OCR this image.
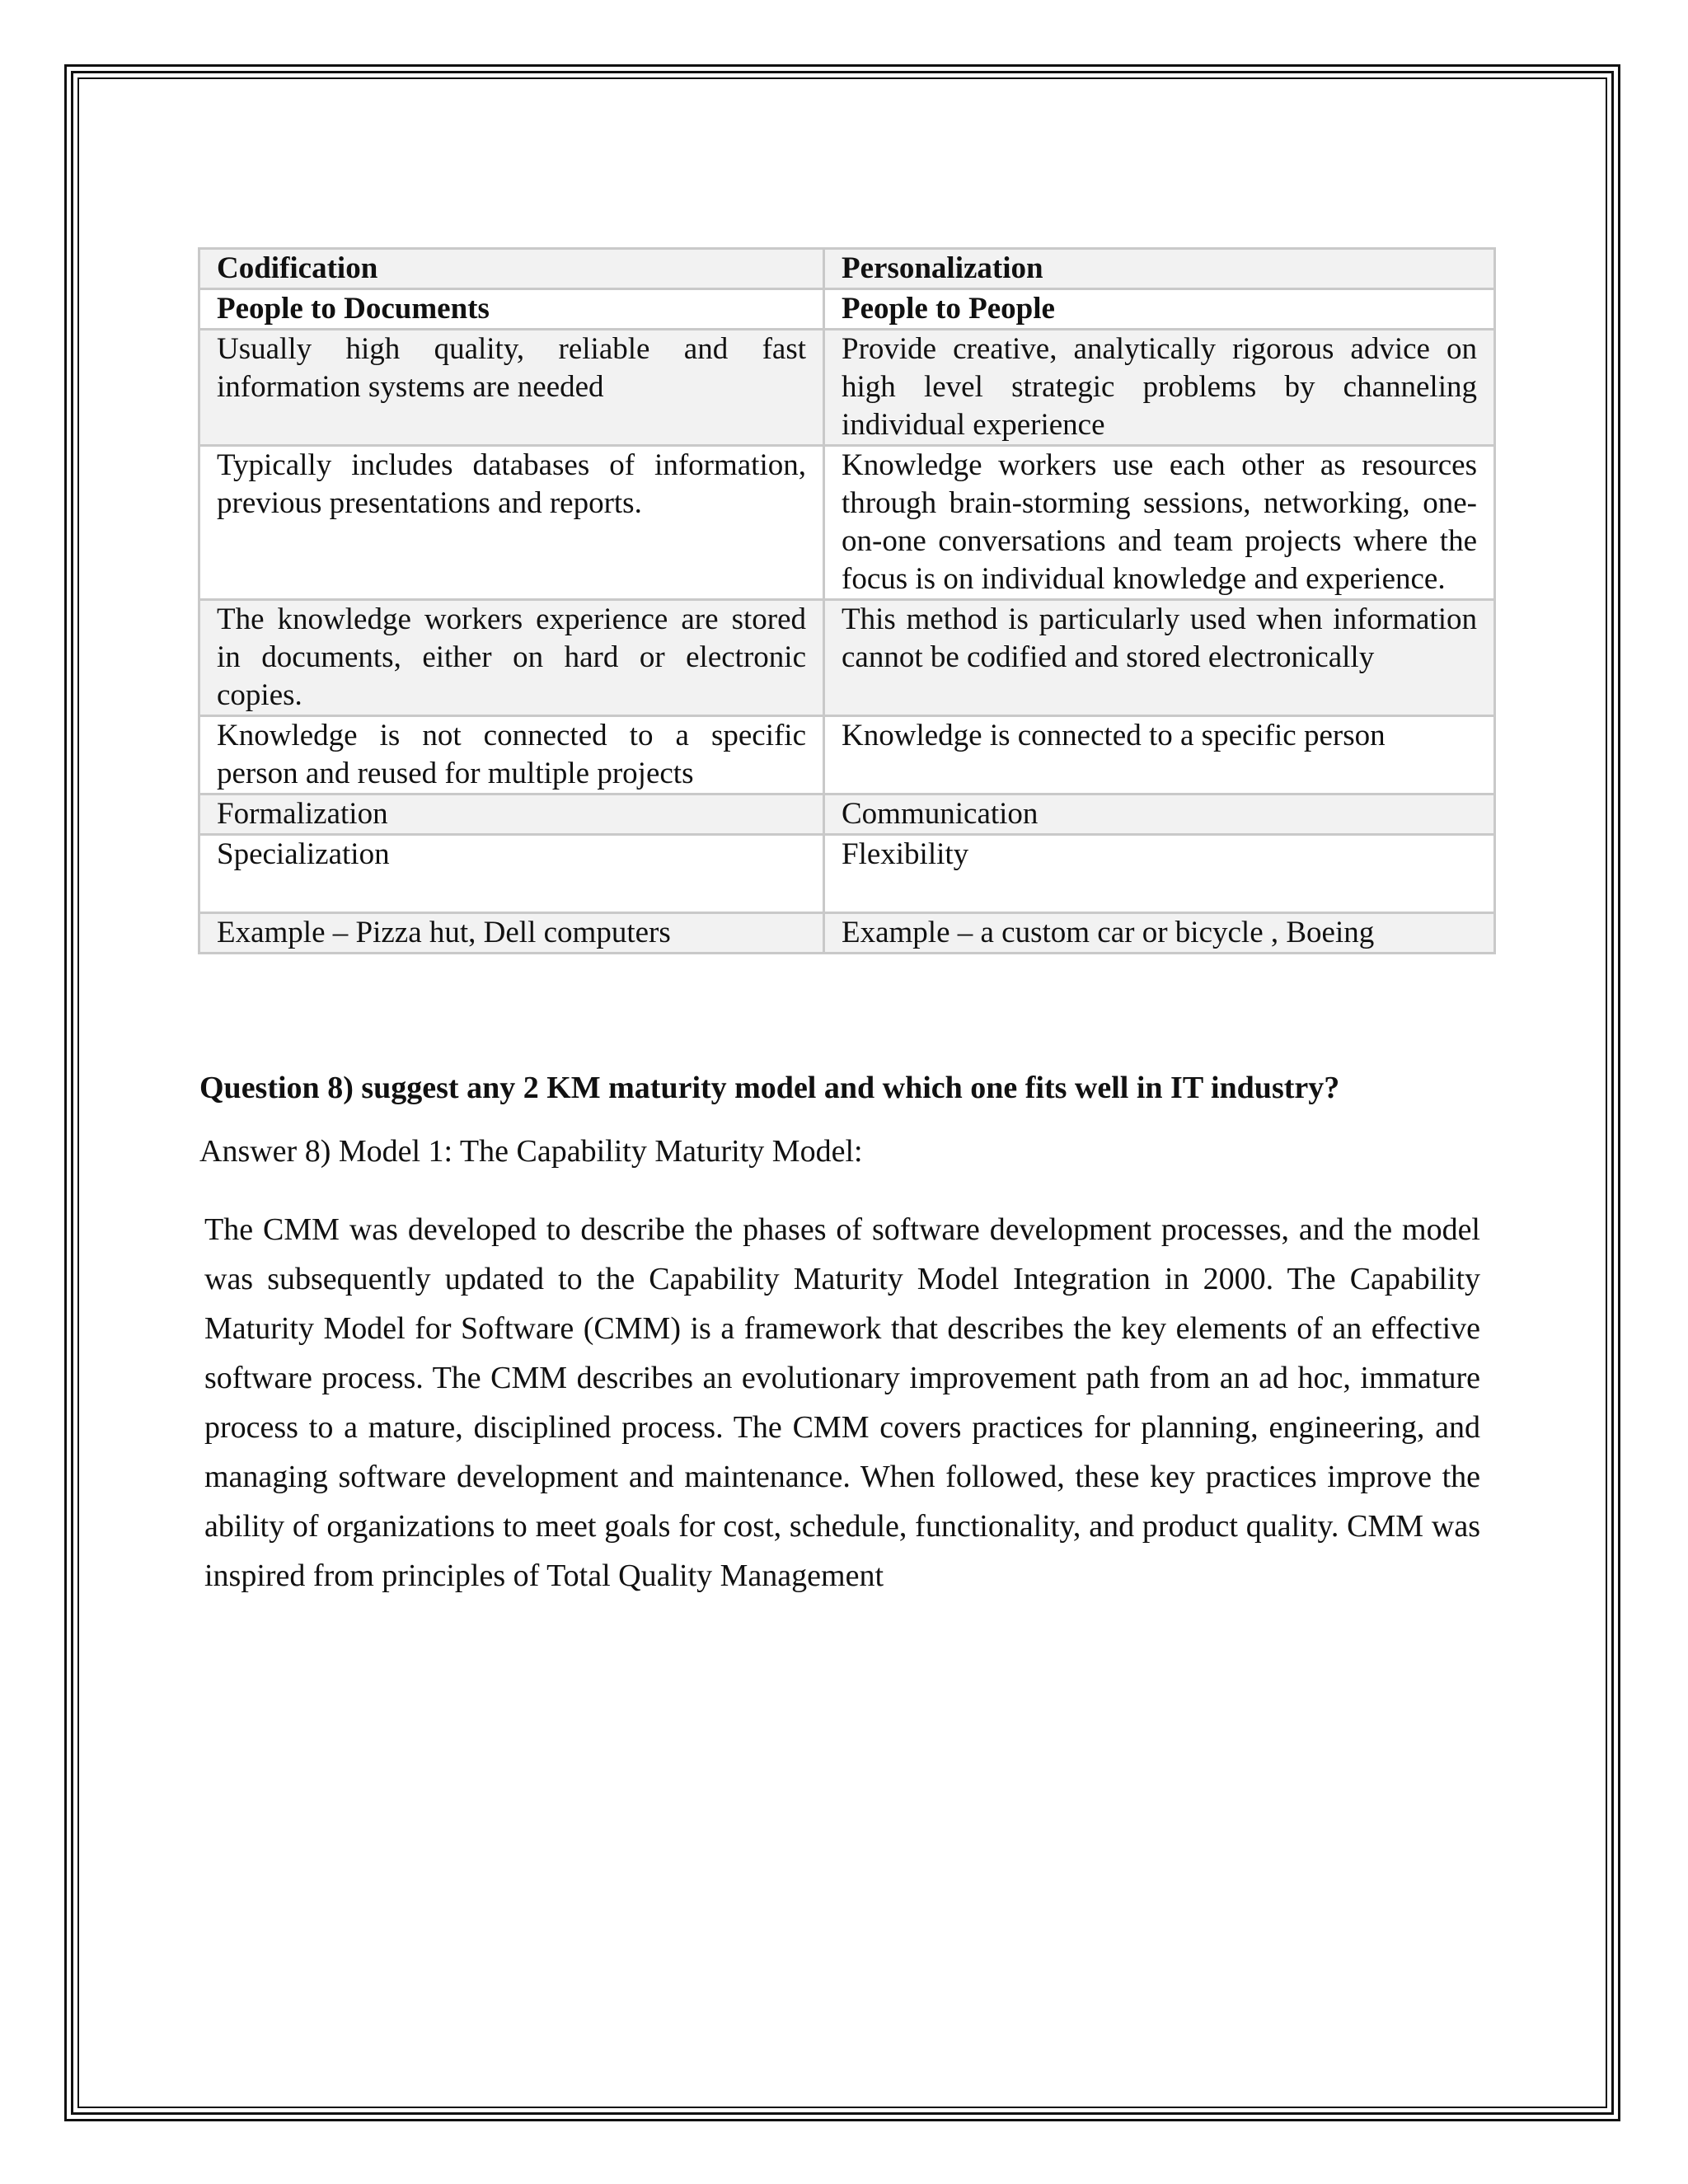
Codification	Personalization
People to Documents	People to People
Usually high quality, reliable and fast information systems are needed	Provide creative, analytically rigorous advice on high level strategic problems by channeling individual experience
Typically includes databases of information, previous presentations and reports.	Knowledge workers use each other as resources through brain-storming sessions, networking, one-on-one conversations and team projects where the focus is on individual knowledge and experience.
The knowledge workers experience are stored in documents, either on hard or electronic copies.	This method is particularly used when information cannot be codified and stored electronically
Knowledge is not connected to a specific person and reused for multiple projects	Knowledge is connected to a specific person
Formalization	Communication
Specialization	Flexibility
Example – Pizza hut, Dell computers	Example – a custom car or bicycle , Boeing

Question 8) suggest any 2 KM maturity model and which one fits well in IT industry?

Answer 8) Model 1: The Capability Maturity Model:

The CMM was developed to describe the phases of software development processes, and the model was subsequently updated to the Capability Maturity Model Integration in 2000. The Capability Maturity Model for Software (CMM) is a framework that describes the key elements of an effective software process. The CMM describes an evolutionary improvement path from an ad hoc, immature process to a mature, disciplined process. The CMM covers practices for planning, engineering, and managing software development and maintenance. When followed, these key practices improve the ability of organizations to meet goals for cost, schedule, functionality, and product quality. CMM was inspired from principles of Total Quality Management
